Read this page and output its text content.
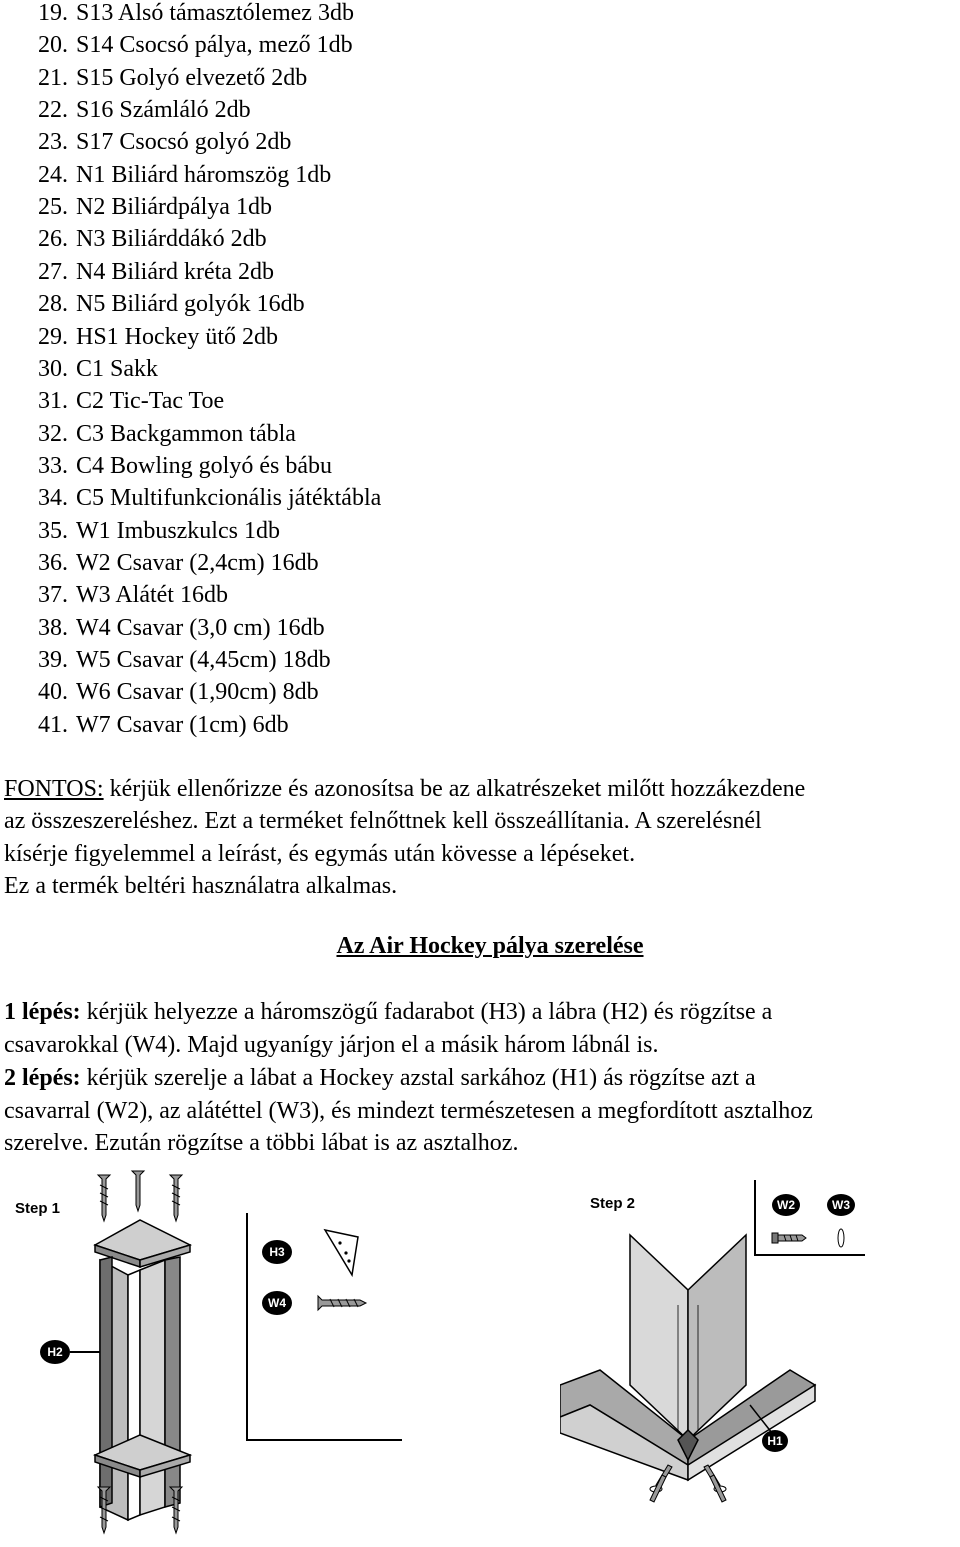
19. S13 Alsó támasztólemez 3db
20. S14 Csocsó pálya, mező 1db
21. S15 Golyó elvezető 2db
22. S16 Számláló 2db
23. S17 Csocsó golyó 2db
24. N1 Biliárd háromszög 1db
25. N2 Biliárdpálya 1db
26. N3 Biliárddákó 2db
27. N4 Biliárd kréta 2db
28. N5 Biliárd golyók 16db
29. HS1 Hockey ütő 2db
30. C1 Sakk
31. C2 Tic-Tac Toe
32. C3 Backgammon tábla
33. C4 Bowling golyó és bábu
34. C5 Multifunkcionális játéktábla
35. W1 Imbuszkulcs 1db
36. W2 Csavar (2,4cm) 16db
37. W3 Alátét 16db
38. W4 Csavar (3,0 cm) 16db
39. W5 Csavar (4,45cm) 18db
40. W6 Csavar (1,90cm) 8db
41. W7 Csavar (1cm) 6db

FONTOS: kérjük ellenőrizze és azonosítsa be az alkatrészeket milőtt hozzákezdene
az összeszereléshez. Ezt a terméket felnőttnek kell összeállítania. A szerelésnél
kísérje figyelemmel a leírást, és egymás után kövesse a lépéseket.
Ez a termék beltéri használatra alkalmas.

Az Air Hockey pálya szerelése

1 lépés: kérjük helyezze a háromszögű fadarabot (H3) a lábra (H2) és rögzítse a
csavarokkal (W4). Majd ugyanígy járjon el a másik három lábnál is.

2 lépés: kérjük szerelje a lábat a Hockey azstal sarkához (H1) ás rögzítse azt a
csavarral (W2), az alátéttel (W3), és mindezt természetesen a megfordított asztalhoz
szerelve. Ezután rögzítse a többi lábat is az asztalhoz.

Step 1
H2
H3
W4
Step 2	W2	W3
H1
